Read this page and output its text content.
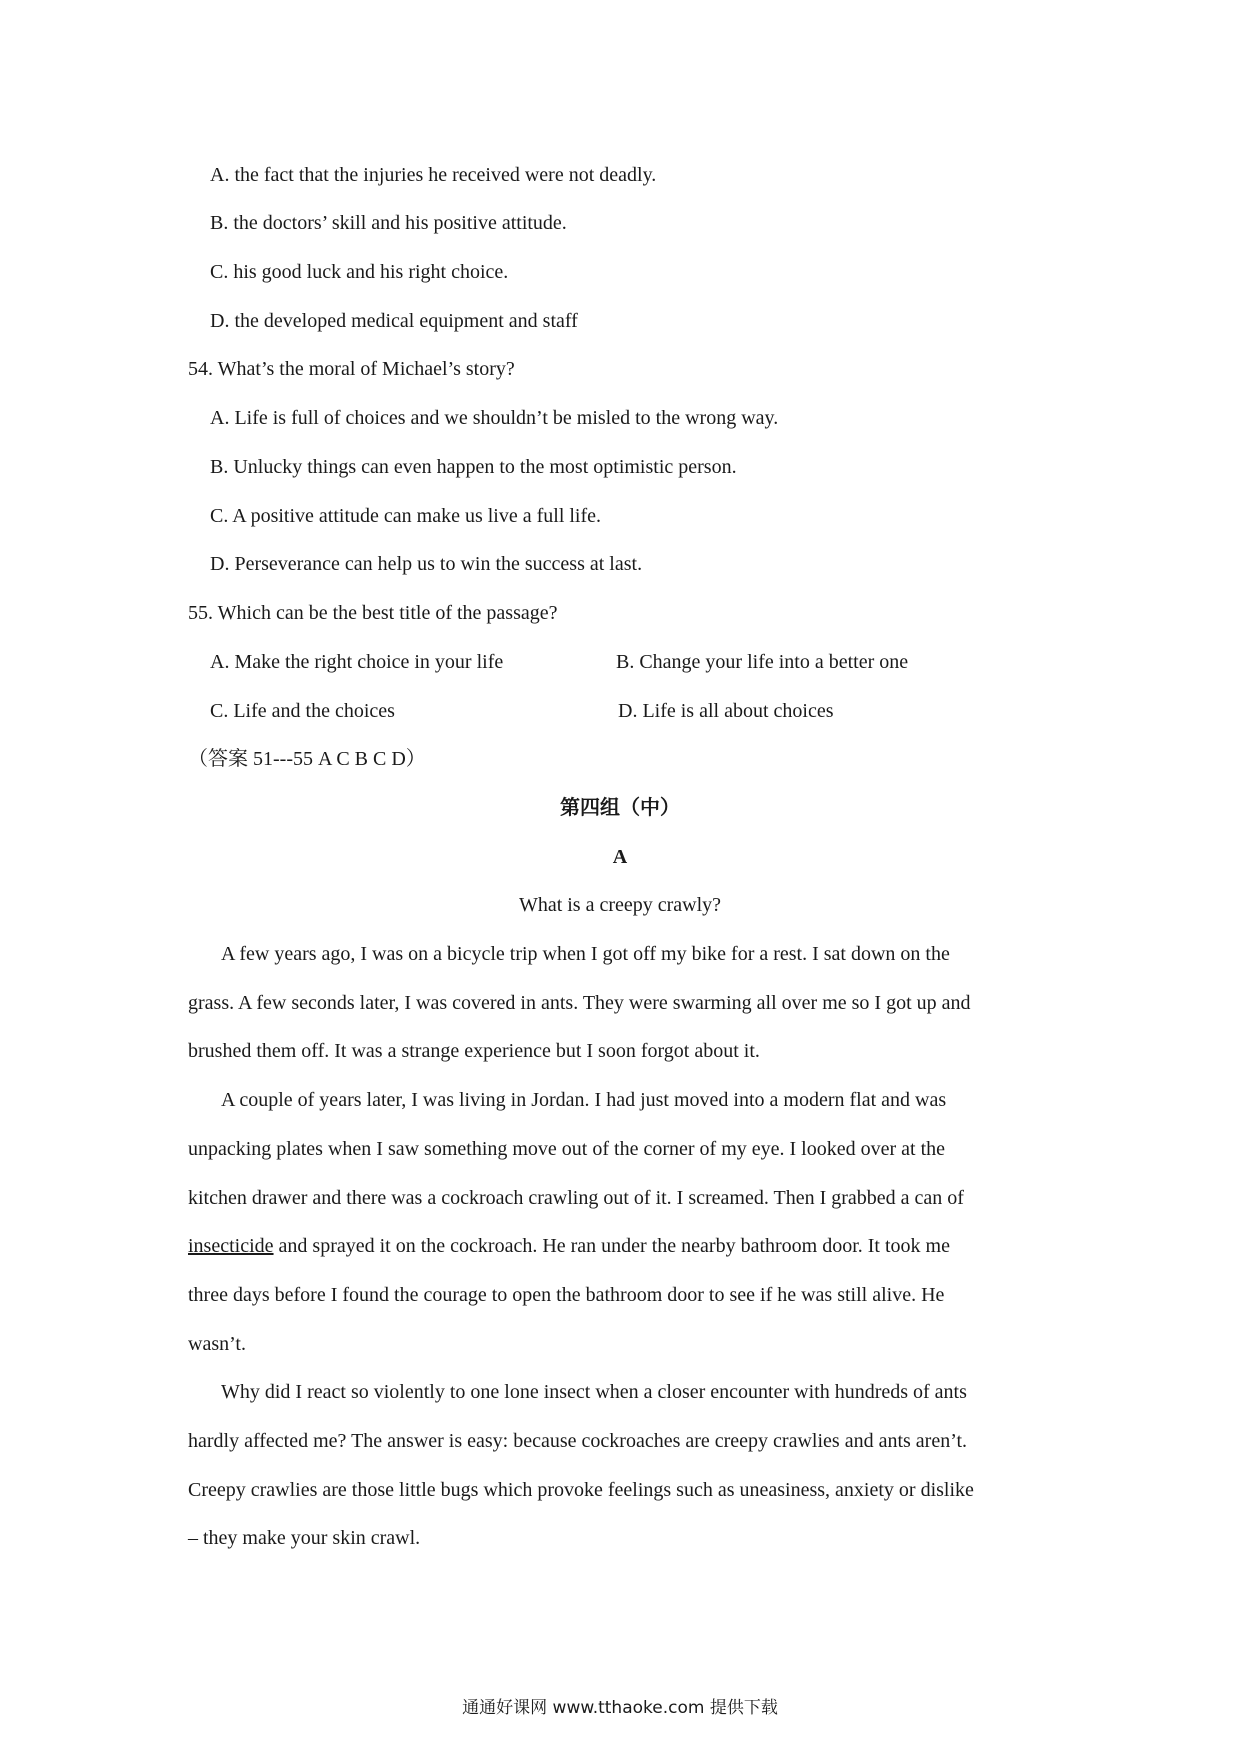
A. the fact that the injuries he received were not deadly.
B. the doctors’ skill and his positive attitude.
C. his good luck and his right choice.
D. the developed medical equipment and staff
54. What’s the moral of Michael’s story?
A. Life is full of choices and we shouldn’t be misled to the wrong way.
B. Unlucky things can even happen to the most optimistic person.
C. A positive attitude can make us live a full life.
D. Perseverance can help us to win the success at last.
55. Which can be the best title of the passage?
A. Make the right choice in your life	B. Change your life into a better one
C. Life and the choices	D. Life is all about choices
（答案 51---55 A C B C D）
第四组（中）
A
What is a creepy crawly?
A few years ago, I was on a bicycle trip when I got off my bike for a rest. I sat down on the
grass. A few seconds later, I was covered in ants. They were swarming all over me so I got up and
brushed them off. It was a strange experience but I soon forgot about it.
A couple of years later, I was living in Jordan. I had just moved into a modern flat and was
unpacking plates when I saw something move out of the corner of my eye. I looked over at the
kitchen drawer and there was a cockroach crawling out of it. I screamed. Then I grabbed a can of
insecticide and sprayed it on the cockroach. He ran under the nearby bathroom door. It took me
three days before I found the courage to open the bathroom door to see if he was still alive. He
wasn’t.
Why did I react so violently to one lone insect when a closer encounter with hundreds of ants
hardly affected me? The answer is easy: because cockroaches are creepy crawlies and ants aren’t.
Creepy crawlies are those little bugs which provoke feelings such as uneasiness, anxiety or dislike
– they make your skin crawl.
通通好课网 www.tthaoke.com 提供下载
